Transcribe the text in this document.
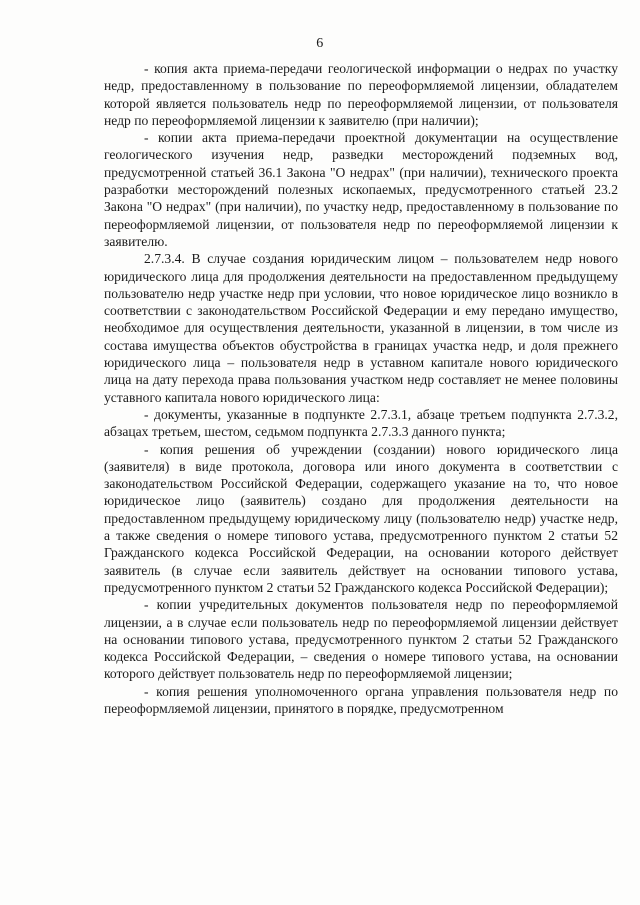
6

- копия акта приема-передачи геологической информации о недрах по участку недр, предоставленному в пользование по переоформляемой лицензии, обладателем которой является пользователь недр по переоформляемой лицензии, от пользователя недр по переоформляемой лицензии к заявителю (при наличии);

- копии акта приема-передачи проектной документации на осуществление геологического изучения недр, разведки месторождений подземных вод, предусмотренной статьей 36.1 Закона "О недрах" (при наличии), технического проекта разработки месторождений полезных ископаемых, предусмотренного статьей 23.2 Закона "О недрах" (при наличии), по участку недр, предоставленному в пользование по переоформляемой лицензии, от пользователя недр по переоформляемой лицензии к заявителю.

2.7.3.4. В случае создания юридическим лицом – пользователем недр нового юридического лица для продолжения деятельности на предоставленном предыдущему пользователю недр участке недр при условии, что новое юридическое лицо возникло в соответствии с законодательством Российской Федерации и ему передано имущество, необходимое для осуществления деятельности, указанной в лицензии, в том числе из состава имущества объектов обустройства в границах участка недр, и доля прежнего юридического лица – пользователя недр в уставном капитале нового юридического лица на дату перехода права пользования участком недр составляет не менее половины уставного капитала нового юридического лица:

- документы, указанные в подпункте 2.7.3.1, абзаце третьем подпункта 2.7.3.2, абзацах третьем, шестом, седьмом подпункта 2.7.3.3 данного пункта;

- копия решения об учреждении (создании) нового юридического лица (заявителя) в виде протокола, договора или иного документа в соответствии с законодательством Российской Федерации, содержащего указание на то, что новое юридическое лицо (заявитель) создано для продолжения деятельности на предоставленном предыдущему юридическому лицу (пользователю недр) участке недр, а также сведения о номере типового устава, предусмотренного пунктом 2 статьи 52 Гражданского кодекса Российской Федерации, на основании которого действует заявитель (в случае если заявитель действует на основании типового устава, предусмотренного пунктом 2 статьи 52 Гражданского кодекса Российской Федерации);

- копии учредительных документов пользователя недр по переоформляемой лицензии, а в случае если пользователь недр по переоформляемой лицензии действует на основании типового устава, предусмотренного пунктом 2 статьи 52 Гражданского кодекса Российской Федерации, – сведения о номере типового устава, на основании которого действует пользователь недр по переоформляемой лицензии;

- копия решения уполномоченного органа управления пользователя недр по переоформляемой лицензии, принятого в порядке, предусмотренном
